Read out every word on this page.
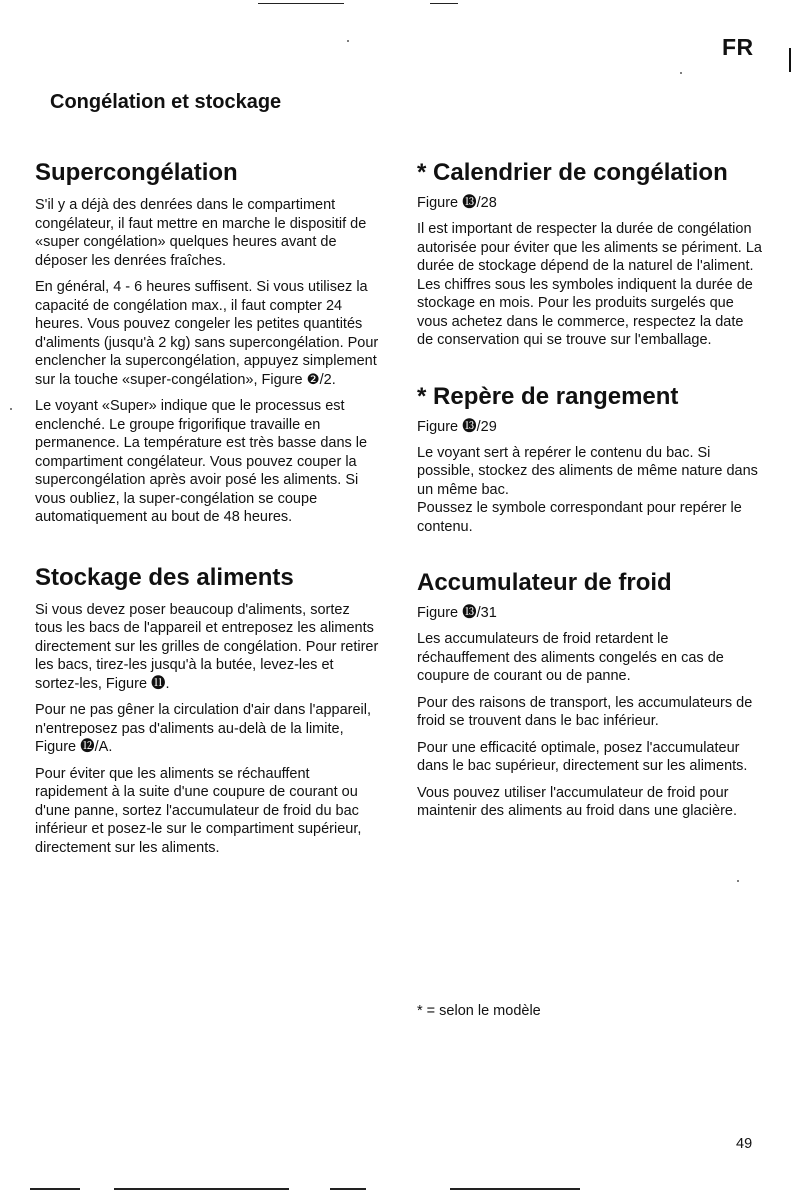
FR
Congélation et stockage
Supercongélation

S'il y a déjà des denrées dans le compartiment congélateur, il faut mettre en marche le dispositif de «super congélation» quelques heures avant de déposer les denrées fraîches.

En général, 4 - 6 heures suffisent. Si vous utilisez la capacité de congélation max., il faut compter 24 heures. Vous pouvez congeler les petites quantités d'aliments (jusqu'à 2 kg) sans supercongélation. Pour enclencher la supercongélation, appuyez simplement sur la touche «super-congélation», Figure ❷/2.

Le voyant «Super» indique que le processus est enclenché. Le groupe frigorifique travaille en permanence. La température est très basse dans le compartiment congélateur. Vous pouvez couper la supercongélation après avoir posé les aliments. Si vous oubliez, la super-congélation se coupe automatiquement au bout de 48 heures.

Stockage des aliments

Si vous devez poser beaucoup d'aliments, sortez tous les bacs de l'appareil et entreposez les aliments directement sur les grilles de congélation. Pour retirer les bacs, tirez-les jusqu'à la butée, levez-les et sortez-les, Figure ⓫.

Pour ne pas gêner la circulation d'air dans l'appareil, n'entreposez pas d'aliments au-delà de la limite, Figure ⓬/A.

Pour éviter que les aliments se réchauffent rapidement à la suite d'une coupure de courant ou d'une panne, sortez l'accumulateur de froid du bac inférieur et posez-le sur le compartiment supérieur, directement sur les aliments.

* Calendrier de congélation
Figure ⓭/28

Il est important de respecter la durée de congélation autorisée pour éviter que les aliments se périment. La durée de stockage dépend de la naturel de l'aliment. Les chiffres sous les symboles indiquent la durée de stockage en mois. Pour les produits surgelés que vous achetez dans le commerce, respectez la date de conservation qui se trouve sur l'emballage.

* Repère de rangement
Figure ⓭/29

Le voyant sert à repérer le contenu du bac. Si possible, stockez des aliments de même nature dans un même bac.

Poussez le symbole correspondant pour repérer le contenu.

Accumulateur de froid
Figure ⓭/31

Les accumulateurs de froid retardent le réchauffement des aliments congelés en cas de coupure de courant ou de panne.

Pour des raisons de transport, les accumulateurs de froid se trouvent dans le bac inférieur.

Pour une efficacité optimale, posez l'accumulateur dans le bac supérieur, directement sur les aliments.

Vous pouvez utiliser l'accumulateur de froid pour maintenir des aliments au froid dans une glacière.

* = selon le modèle
49
